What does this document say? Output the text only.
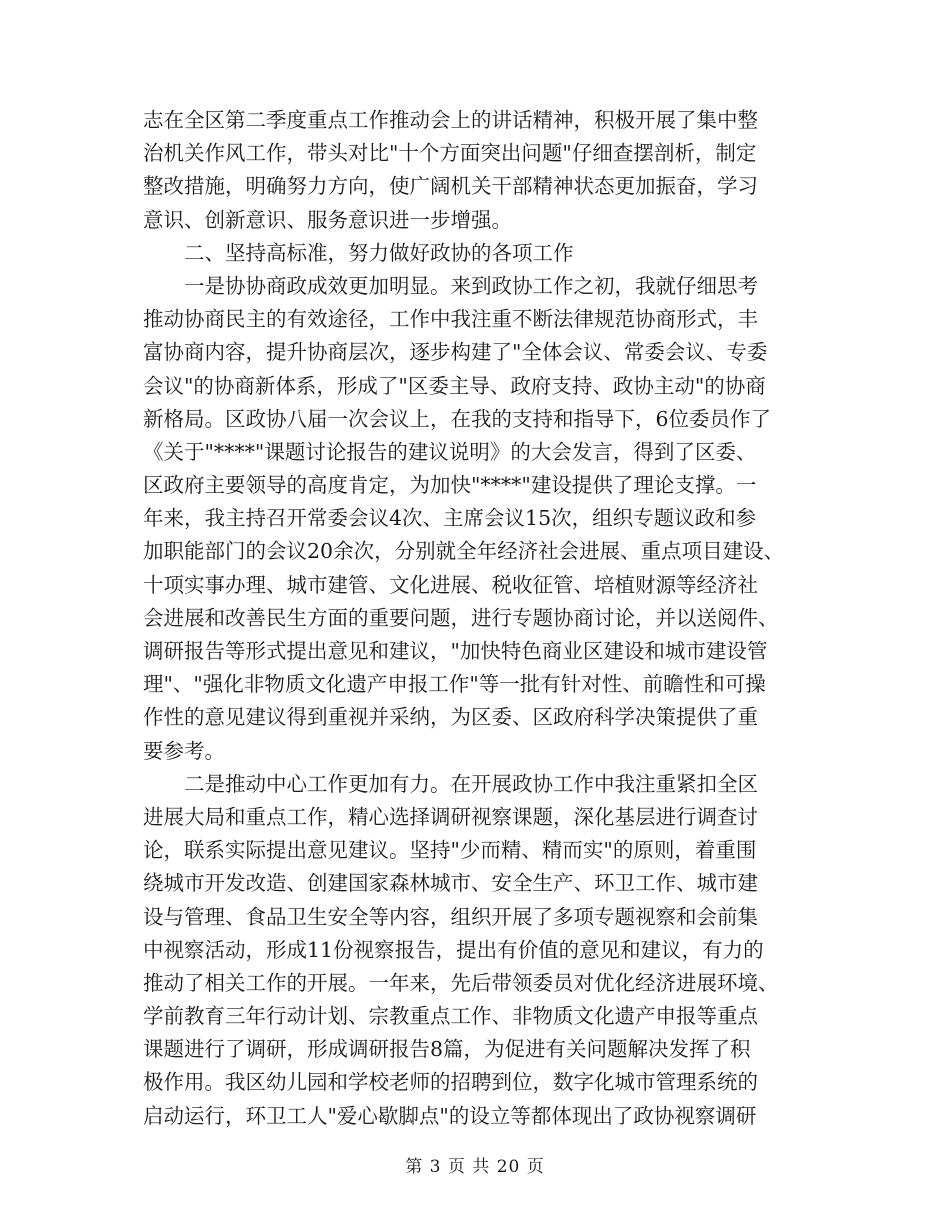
志在全区第二季度重点工作推动会上的讲话精神，积极开展了集中整
治机关作风工作，带头对比"十个方面突出问题"仔细查摆剖析，制定
整改措施，明确努力方向，使广阔机关干部精神状态更加振奋，学习
意识、创新意识、服务意识进一步增强。
　　二、坚持高标准，努力做好政协的各项工作
　　一是协协商政成效更加明显。来到政协工作之初，我就仔细思考
推动协商民主的有效途径，工作中我注重不断法律规范协商形式，丰
富协商内容，提升协商层次，逐步构建了"全体会议、常委会议、专委
会议"的协商新体系，形成了"区委主导、政府支持、政协主动"的协商
新格局。区政协八届一次会议上，在我的支持和指导下，6位委员作了
《关于"****"课题讨论报告的建议说明》的大会发言，得到了区委、
区政府主要领导的高度肯定，为加快"****"建设提供了理论支撑。一
年来，我主持召开常委会议4次、主席会议15次，组织专题议政和参
加职能部门的会议20余次，分别就全年经济社会进展、重点项目建设、
十项实事办理、城市建管、文化进展、税收征管、培植财源等经济社
会进展和改善民生方面的重要问题，进行专题协商讨论，并以送阅件、
调研报告等形式提出意见和建议，"加快特色商业区建设和城市建设管
理"、"强化非物质文化遗产申报工作"等一批有针对性、前瞻性和可操
作性的意见建议得到重视并采纳，为区委、区政府科学决策提供了重
要参考。
　　二是推动中心工作更加有力。在开展政协工作中我注重紧扣全区
进展大局和重点工作，精心选择调研视察课题，深化基层进行调查讨
论，联系实际提出意见建议。坚持"少而精、精而实"的原则，着重围
绕城市开发改造、创建国家森林城市、安全生产、环卫工作、城市建
设与管理、食品卫生安全等内容，组织开展了多项专题视察和会前集
中视察活动，形成11份视察报告，提出有价值的意见和建议，有力的
推动了相关工作的开展。一年来，先后带领委员对优化经济进展环境、
学前教育三年行动计划、宗教重点工作、非物质文化遗产申报等重点
课题进行了调研，形成调研报告8篇，为促进有关问题解决发挥了积
极作用。我区幼儿园和学校老师的招聘到位，数字化城市管理系统的
启动运行，环卫工人"爱心歇脚点"的设立等都体现出了政协视察调研
第 3 页 共 20 页
